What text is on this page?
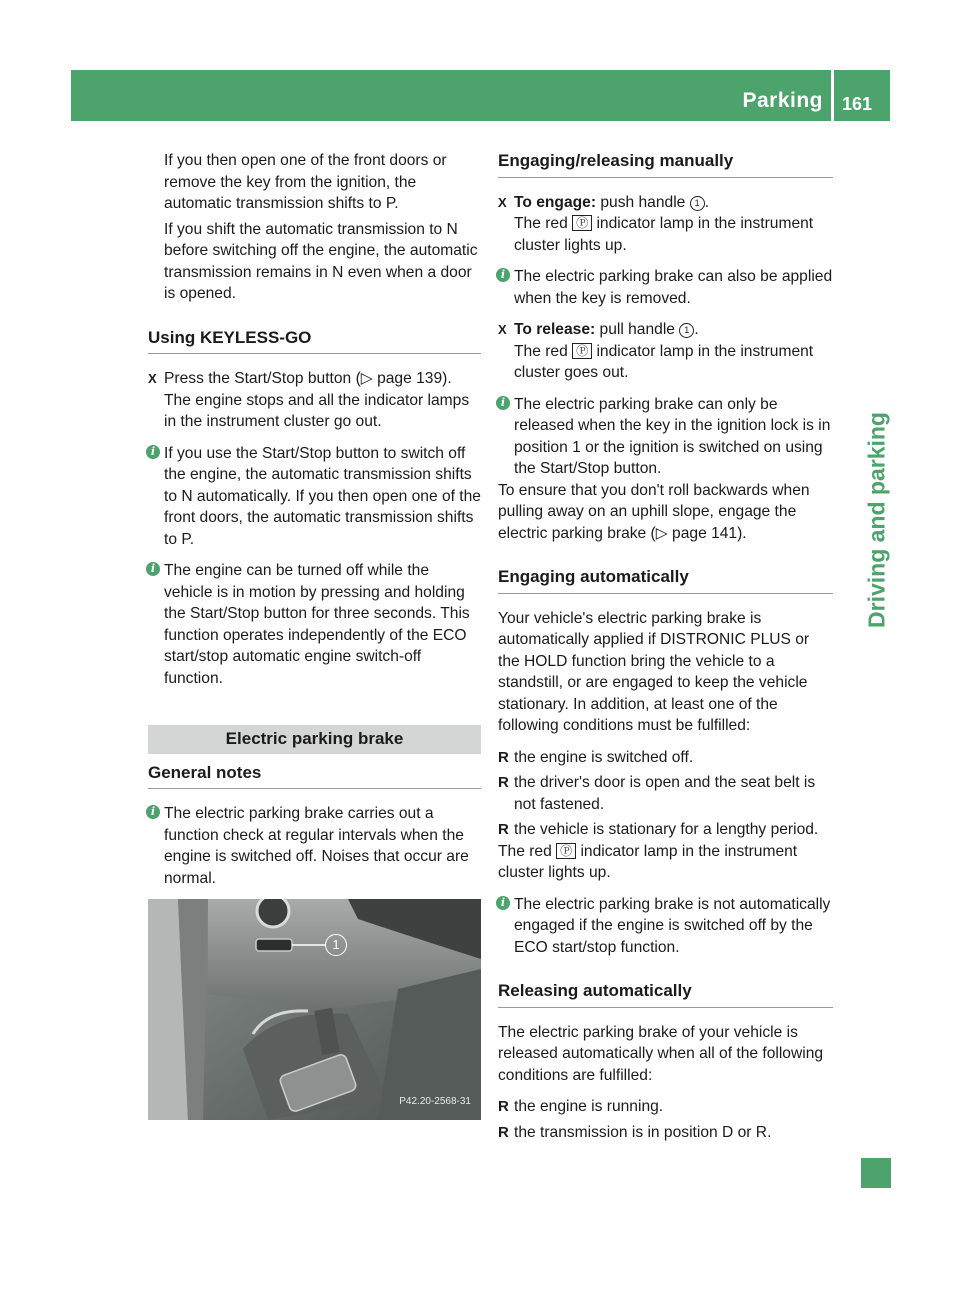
Parking 161
Driving and parking

If you then open one of the front doors or remove the key from the ignition, the automatic transmission shifts to P.

If you shift the automatic transmission to N before switching off the engine, the automatic transmission remains in N even when a door is opened.

Using KEYLESS-GO
X Press the Start/Stop button (▷ page 139).

The engine stops and all the indicator lamps in the instrument cluster go out.

i If you use the Start/Stop button to switch off the engine, the automatic transmission shifts to N automatically. If you then open one of the front doors, the automatic transmission shifts to P.

i The engine can be turned off while the vehicle is in motion by pressing and holding the Start/Stop button for three seconds. This function operates independently of the ECO start/stop automatic engine switch-off function.

Electric parking brake
General notes
i The electric parking brake carries out a function check at regular intervals when the engine is switched off. Noises that occur are normal.

1
P42.20-2568-31
Engaging/releasing manually
X To engage: push handle 1 .

The red Ⓟ indicator lamp in the instrument cluster lights up.

i The electric parking brake can also be applied when the key is removed.

X To release: pull handle 1 .

The red Ⓟ indicator lamp in the instrument cluster goes out.

i The electric parking brake can only be released when the key in the ignition lock is in position 1 or the ignition is switched on using the Start/Stop button.

To ensure that you don't roll backwards when pulling away on an uphill slope, engage the electric parking brake (▷ page 141).

Engaging automatically

Your vehicle's electric parking brake is automatically applied if DISTRONIC PLUS or the HOLD function bring the vehicle to a standstill, or are engaged to keep the vehicle stationary. In addition, at least one of the following conditions must be fulfilled:

R the engine is switched off.

R the driver's door is open and the seat belt is not fastened.

R the vehicle is stationary for a lengthy period.

The red Ⓟ indicator lamp in the instrument cluster lights up.

i The electric parking brake is not automatically engaged if the engine is switched off by the ECO start/stop function.

Releasing automatically

The electric parking brake of your vehicle is released automatically when all of the following conditions are fulfilled:

R the engine is running.

R the transmission is in position D or R.
